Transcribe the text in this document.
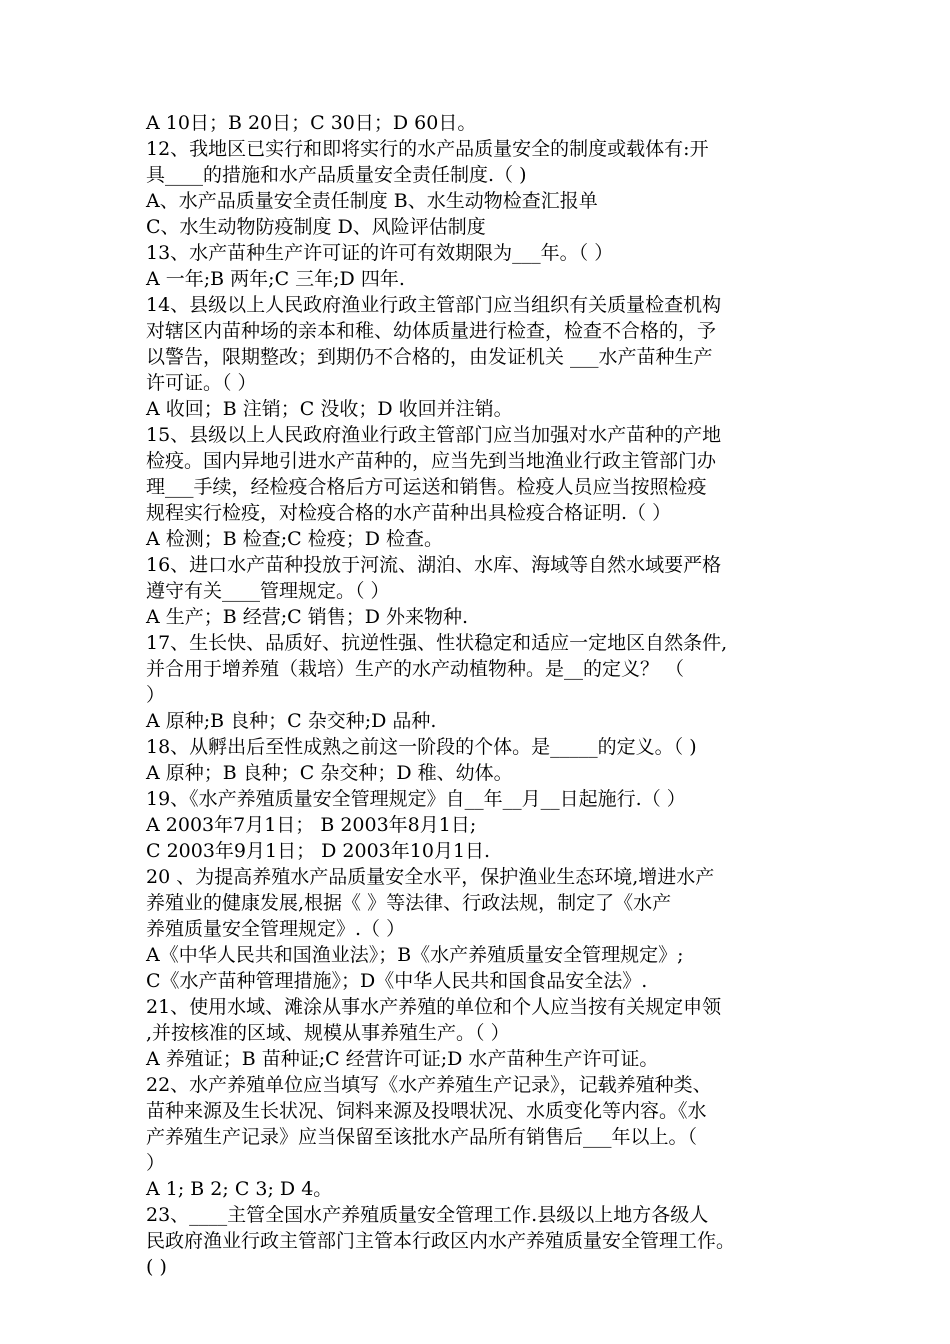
A 10日；B 20日；C 30日；D 60日。
12、我地区已实行和即将实行的水产品质量安全的制度或载体有:开
具____的措施和水产品质量安全责任制度.（ )
A、水产品质量安全责任制度 B、水生动物检查汇报单
C、水生动物防疫制度 D、风险评估制度
13、水产苗种生产许可证的许可有效期限为___年。（ ）
A 一年;B 两年;C 三年;D 四年.
14、县级以上人民政府渔业行政主管部门应当组织有关质量检查机构
对辖区内苗种场的亲本和稚、幼体质量进行检查，检查不合格的，予
以警告，限期整改；到期仍不合格的，由发证机关 ___水产苗种生产
许可证。（ ）
A 收回；B 注销；C 没收；D 收回并注销。
15、县级以上人民政府渔业行政主管部门应当加强对水产苗种的产地
检疫。国内异地引进水产苗种的，应当先到当地渔业行政主管部门办
理___手续，经检疫合格后方可运送和销售。检疫人员应当按照检疫
规程实行检疫，对检疫合格的水产苗种出具检疫合格证明.（ ）
A 检测；B 检查;C 检疫；D 检查。
16、进口水产苗种投放于河流、湖泊、水库、海域等自然水域要严格
遵守有关____管理规定。（ ）
A 生产；B 经营;C 销售；D 外来物种.
17、生长快、品质好、抗逆性强、性状稳定和适应一定地区自然条件,
并合用于增养殖（栽培）生产的水产动植物种。是__的定义？ （
）
A 原种;B 良种；C 杂交种;D 品种.
18、从孵出后至性成熟之前这一阶段的个体。是_____的定义。（ )
A 原种；B 良种；C 杂交种；D 稚、幼体。
19、《水产养殖质量安全管理规定》自__年__月__日起施行.（ ）
A 2003年7月1日； B 2003年8月1日;
C 2003年9月1日； D 2003年10月1日.
20 、为提高养殖水产品质量安全水平，保护渔业生态环境,增进水产
养殖业的健康发展,根据《 》等法律、行政法规，制定了《水产
养殖质量安全管理规定》.（ ）
A《中华人民共和国渔业法》；B《水产养殖质量安全管理规定》;
C《水产苗种管理措施》；D《中华人民共和国食品安全法》.
21、使用水域、滩涂从事水产养殖的单位和个人应当按有关规定申领
,并按核准的区域、规模从事养殖生产。（ ）
A 养殖证；B 苗种证;C 经营许可证;D 水产苗种生产许可证。
22、水产养殖单位应当填写《水产养殖生产记录》，记载养殖种类、
苗种来源及生长状况、饲料来源及投喂状况、水质变化等内容。《水
产养殖生产记录》应当保留至该批水产品所有销售后___年以上。（
）
A 1; B 2; C 3; D 4。
23、____主管全国水产养殖质量安全管理工作.县级以上地方各级人
民政府渔业行政主管部门主管本行政区内水产养殖质量安全管理工作。
( )
